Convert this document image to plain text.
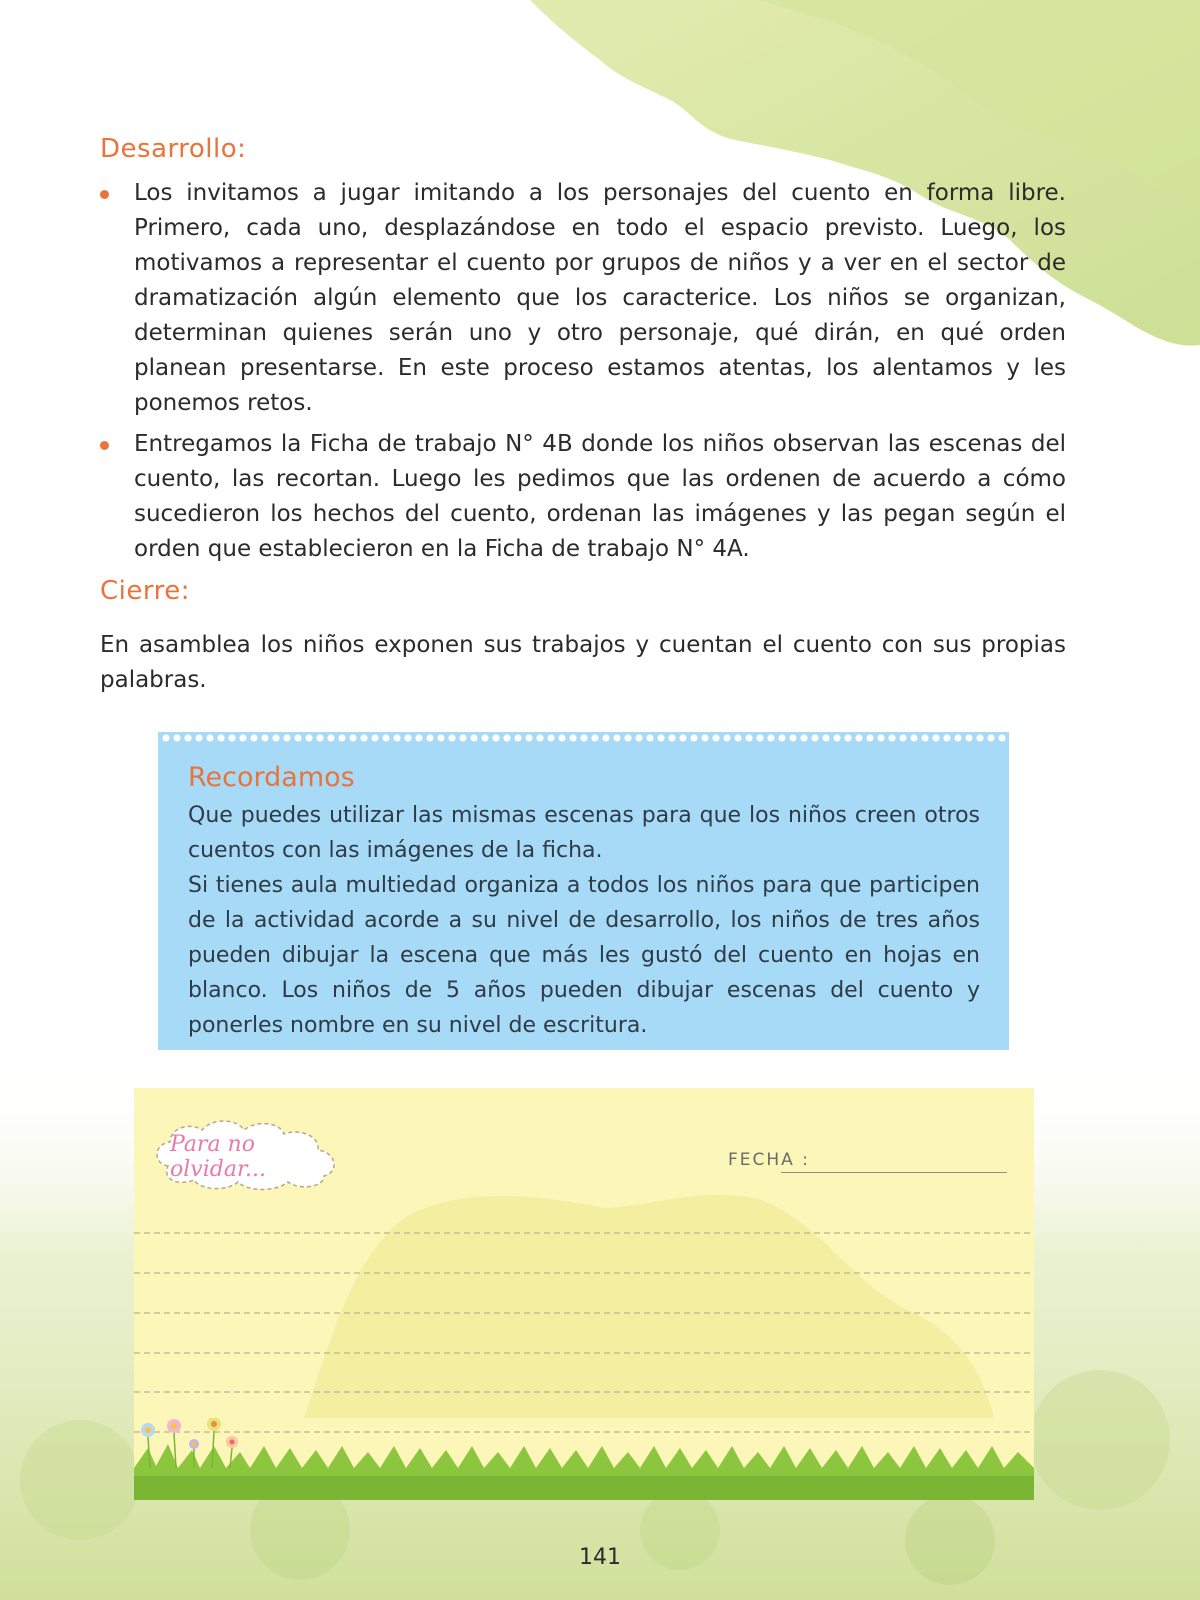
Desarrollo:
Los invitamos a jugar imitando a los personajes del cuento en forma libre. Primero, cada uno, desplazándose en todo el espacio previsto. Luego, los motivamos a representar el cuento por grupos de niños y a ver en el sector de dramatización algún elemento que los caracterice. Los niños se organizan, determinan quienes serán uno y otro personaje, qué dirán, en qué orden planean presentarse. En este proceso estamos atentas, los alentamos y les ponemos retos.
Entregamos la Ficha de trabajo N° 4B donde los niños observan las escenas del cuento, las recortan. Luego les pedimos que las ordenen de acuerdo a cómo sucedieron los hechos del cuento, ordenan las imágenes y las pegan según el orden que establecieron en la Ficha de trabajo N° 4A.
Cierre:

En asamblea los niños exponen sus trabajos y cuentan el cuento con sus propias palabras.

Recordamos

Que puedes utilizar las mismas escenas para que los niños creen otros cuentos con las imágenes de la ficha.

Si tienes aula multiedad organiza a todos los niños para que participen de la actividad acorde a su nivel de desarrollo, los niños de tres años pueden dibujar la escena que más les gustó del cuento en hojas en blanco. Los niños de 5 años pueden dibujar escenas del cuento y ponerles nombre en su nivel de escritura.

Para no olvidar...	FECHA :
141
